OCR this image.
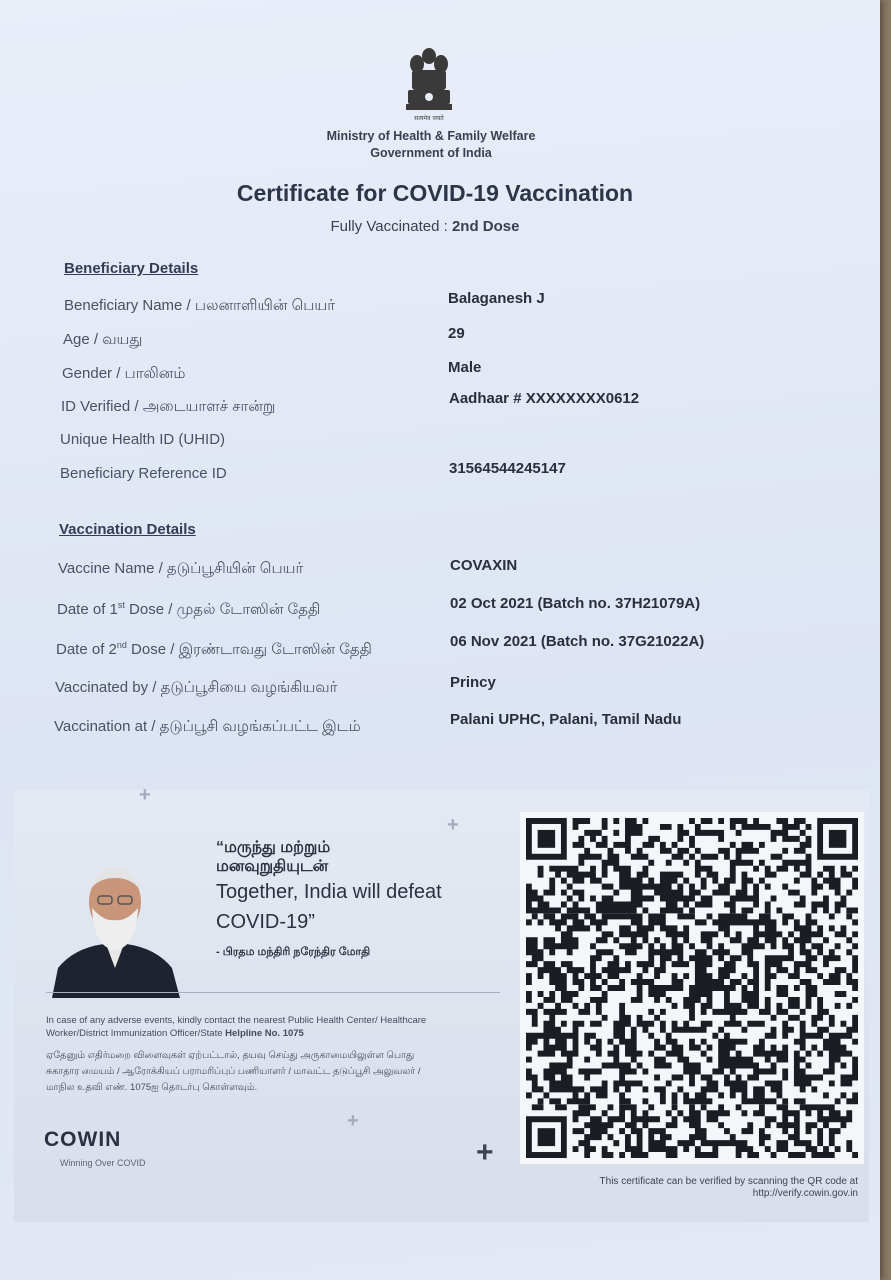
सत्यमेव जयते
Ministry of Health & Family Welfare
Government of India
Certificate for COVID-19 Vaccination
Fully Vaccinated : 2nd Dose
Beneficiary Details
Beneficiary Name / பலனாளியின் பெயர்	Balaganesh J
Age / வயது	29
Gender / பாலினம்	Male
ID Verified / அடையாளச் சான்று	Aadhaar # XXXXXXXX0612
Unique Health ID (UHID)
Beneficiary Reference ID	31564544245147
Vaccination Details
Vaccine Name / தடுப்பூசியின் பெயர்	COVAXIN
Date of 1st Dose / முதல் டோஸின் தேதி	02 Oct 2021 (Batch no. 37H21079A)
Date of 2nd Dose / இரண்டாவது டோஸின் தேதி	06 Nov 2021 (Batch no. 37G21022A)
Vaccinated by / தடுப்பூசியை வழங்கியவர்	Princy
Vaccination at / தடுப்பூசி வழங்கப்பட்ட இடம்	Palani UPHC, Palani, Tamil Nadu
+
+
+
+
“மருந்து மற்றும்
மனவுறுதியுடன்
Together, India will defeat
COVID-19”
- பிரதம மந்திரி நரேந்திர மோதி
In case of any adverse events, kindly contact the nearest Public Health Center/ Healthcare Worker/District Immunization Officer/State Helpline No. 1075
ஏதேனும் எதிர்மறை விளைவுகள் ஏற்பட்டால், தயவு செய்து அருகாமையிலுள்ள பொது
சுகாதார மையம் / ஆரோக்கியப் பராமரிப்புப் பணியாளர் / மாவட்ட தடுப்பூசி அலுவலர் /
மாநில உதவி எண். 1075ஐ தொடர்பு கொள்ளவும்.
COWIN
Winning Over COVID
This certificate can be verified by scanning the QR code at
http://verify.cowin.gov.in
